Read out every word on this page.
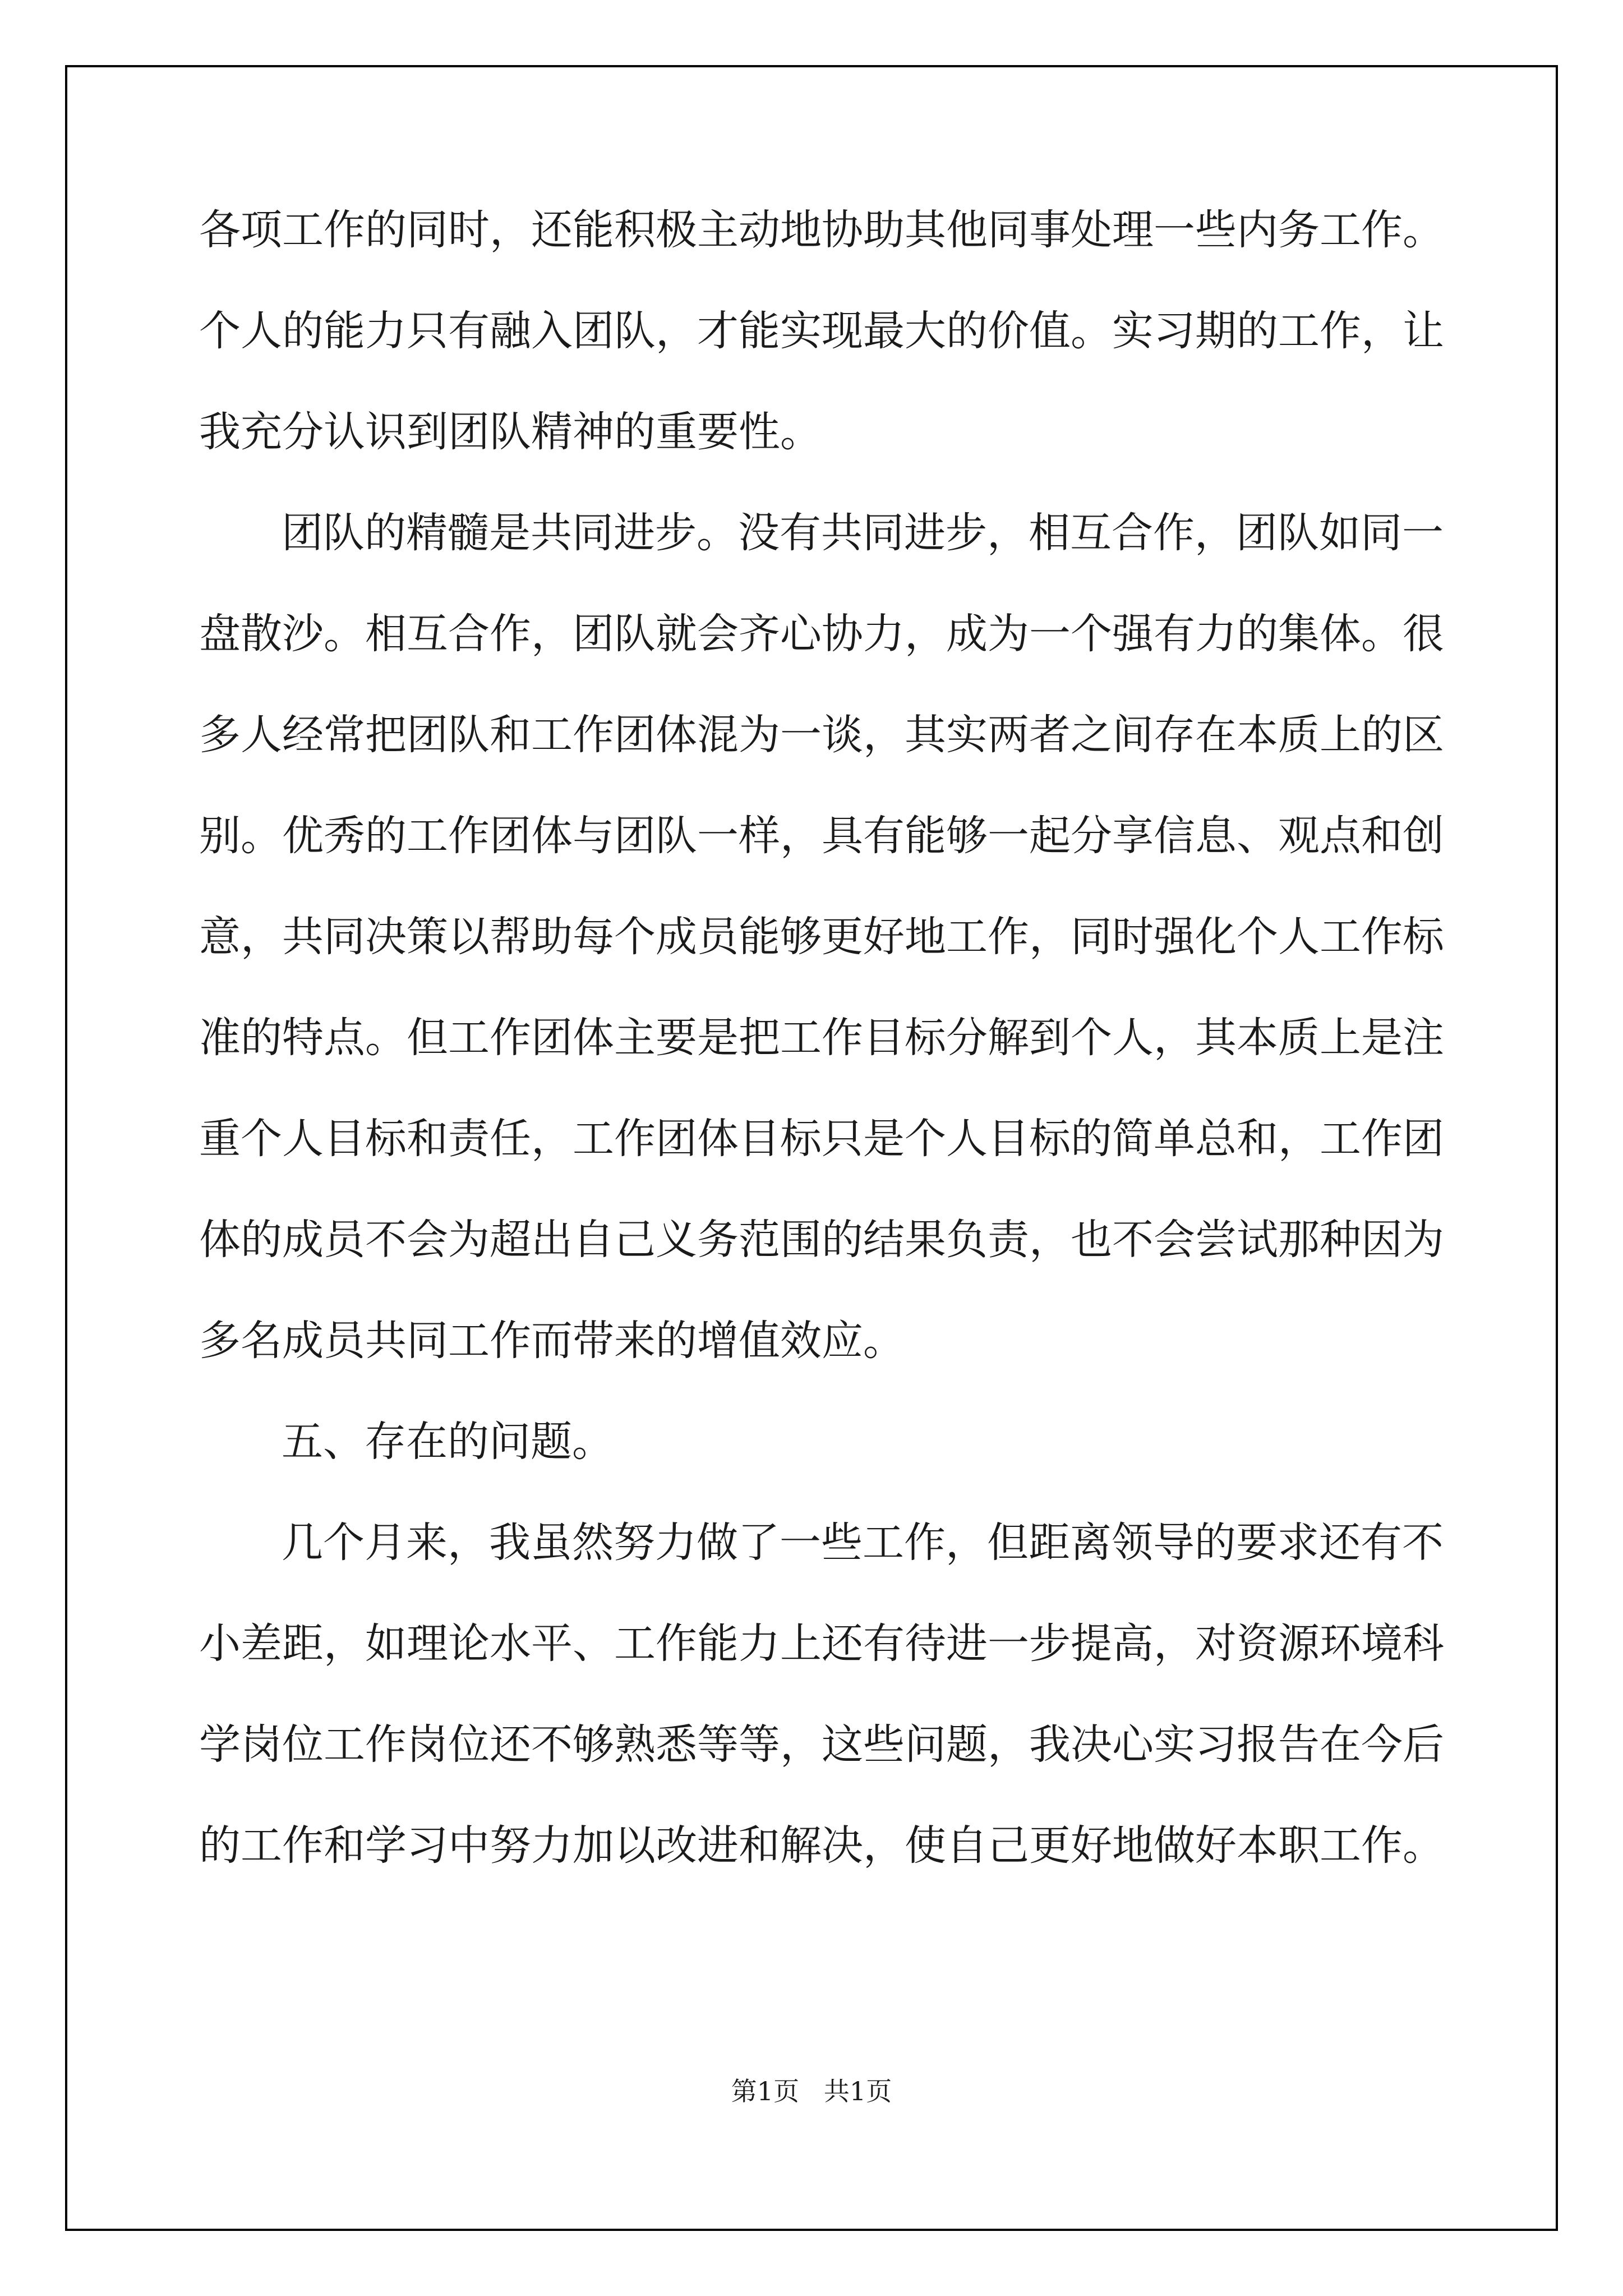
各项工作的同时，还能积极主动地协助其他同事处理一些内务工作。
个人的能力只有融入团队，才能实现最大的价值。实习期的工作，让
我充分认识到团队精神的重要性。
团队的精髓是共同进步。没有共同进步，相互合作，团队如同一
盘散沙。相互合作，团队就会齐心协力，成为一个强有力的集体。很
多人经常把团队和工作团体混为一谈，其实两者之间存在本质上的区
别。优秀的工作团体与团队一样，具有能够一起分享信息、观点和创
意，共同决策以帮助每个成员能够更好地工作，同时强化个人工作标
准的特点。但工作团体主要是把工作目标分解到个人，其本质上是注
重个人目标和责任，工作团体目标只是个人目标的简单总和，工作团
体的成员不会为超出自己义务范围的结果负责，也不会尝试那种因为
多名成员共同工作而带来的增值效应。
五、存在的问题。
几个月来，我虽然努力做了一些工作，但距离领导的要求还有不
小差距，如理论水平、工作能力上还有待进一步提高，对资源环境科
学岗位工作岗位还不够熟悉等等，这些问题，我决心实习报告在今后
的工作和学习中努力加以改进和解决，使自己更好地做好本职工作。
第1页   共1页
